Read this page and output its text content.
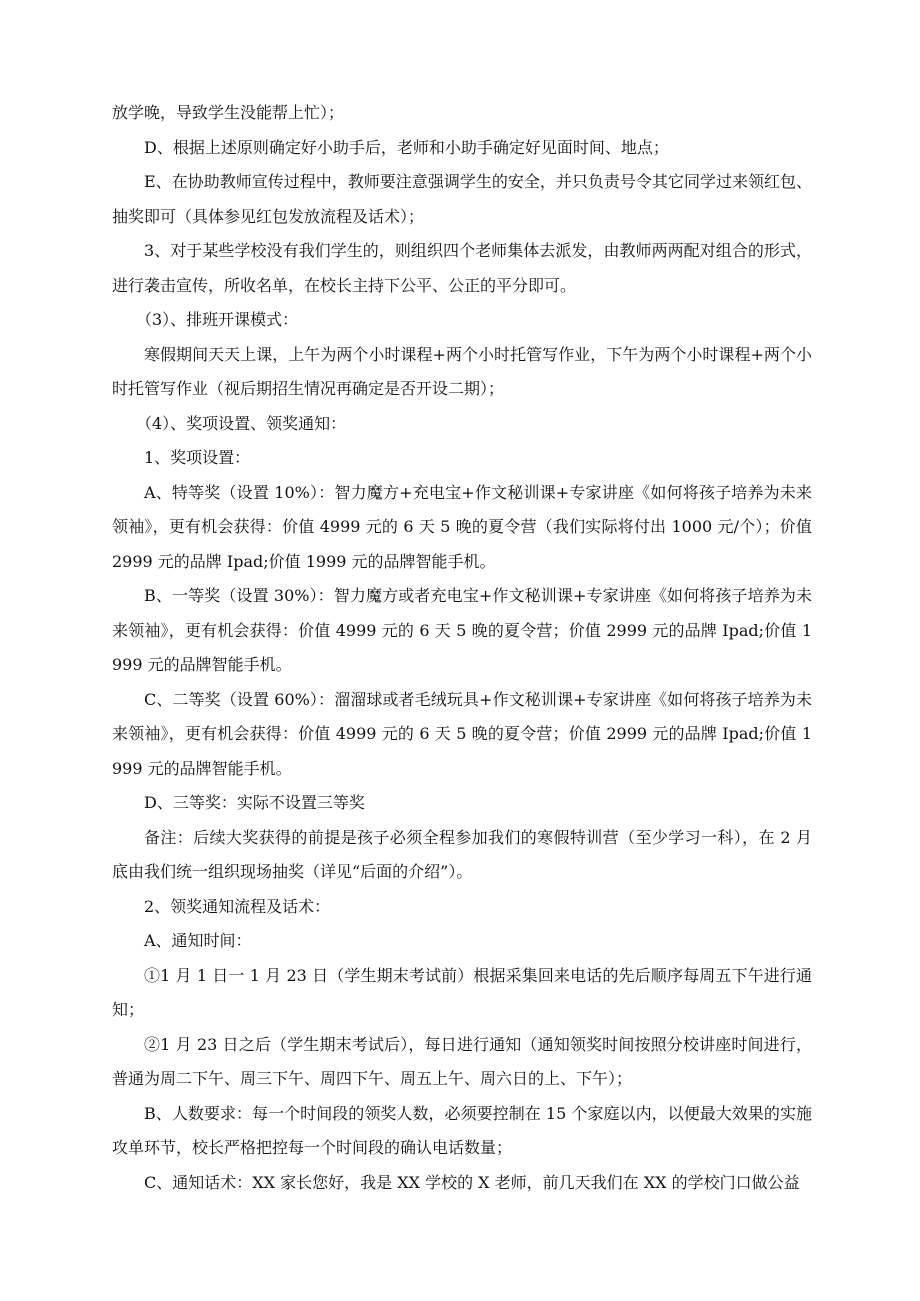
放学晚，导致学生没能帮上忙）；

D、根据上述原则确定好小助手后，老师和小助手确定好见面时间、地点；

E、在协助教师宣传过程中，教师要注意强调学生的安全，并只负责号令其它同学过来领红包、抽奖即可（具体参见红包发放流程及话术）；

3、对于某些学校没有我们学生的，则组织四个老师集体去派发，由教师两两配对组合的形式，进行袭击宣传，所收名单，在校长主持下公平、公正的平分即可。

（3）、排班开课模式：

寒假期间天天上课，上午为两个小时课程+两个小时托管写作业，下午为两个小时课程+两个小时托管写作业（视后期招生情况再确定是否开设二期）；

（4）、奖项设置、领奖通知：

1、奖项设置：

A、特等奖（设置 10%）：智力魔方+充电宝+作文秘训课+专家讲座《如何将孩子培养为未来领袖》，更有机会获得：价值 4999 元的 6 天 5 晚的夏令营（我们实际将付出 1000 元/个）；价值 2999 元的品牌 Ipad;价值 1999 元的品牌智能手机。

B、一等奖（设置 30%）：智力魔方或者充电宝+作文秘训课+专家讲座《如何将孩子培养为未来领袖》，更有机会获得：价值 4999 元的 6 天 5 晚的夏令营；价值 2999 元的品牌 Ipad;价值 1999 元的品牌智能手机。

C、二等奖（设置 60%）：溜溜球或者毛绒玩具+作文秘训课+专家讲座《如何将孩子培养为未来领袖》，更有机会获得：价值 4999 元的 6 天 5 晚的夏令营；价值 2999 元的品牌 Ipad;价值 1999 元的品牌智能手机。

D、三等奖：实际不设置三等奖

备注：后续大奖获得的前提是孩子必须全程参加我们的寒假特训营（至少学习一科），在 2 月底由我们统一组织现场抽奖（详见“后面的介绍”）。

2、领奖通知流程及话术：

A、通知时间：

①1 月 1 日一 1 月 23 日（学生期末考试前）根据采集回来电话的先后顺序每周五下午进行通知；

②1 月 23 日之后（学生期末考试后），每日进行通知（通知领奖时间按照分校讲座时间进行，普通为周二下午、周三下午、周四下午、周五上午、周六日的上、下午）；

B、人数要求：每一个时间段的领奖人数，必须要控制在 15 个家庭以内，以便最大效果的实施攻单环节，校长严格把控每一个时间段的确认电话数量；

C、通知话术：XX 家长您好，我是 XX 学校的 X 老师，前几天我们在 XX 的学校门口做公益
